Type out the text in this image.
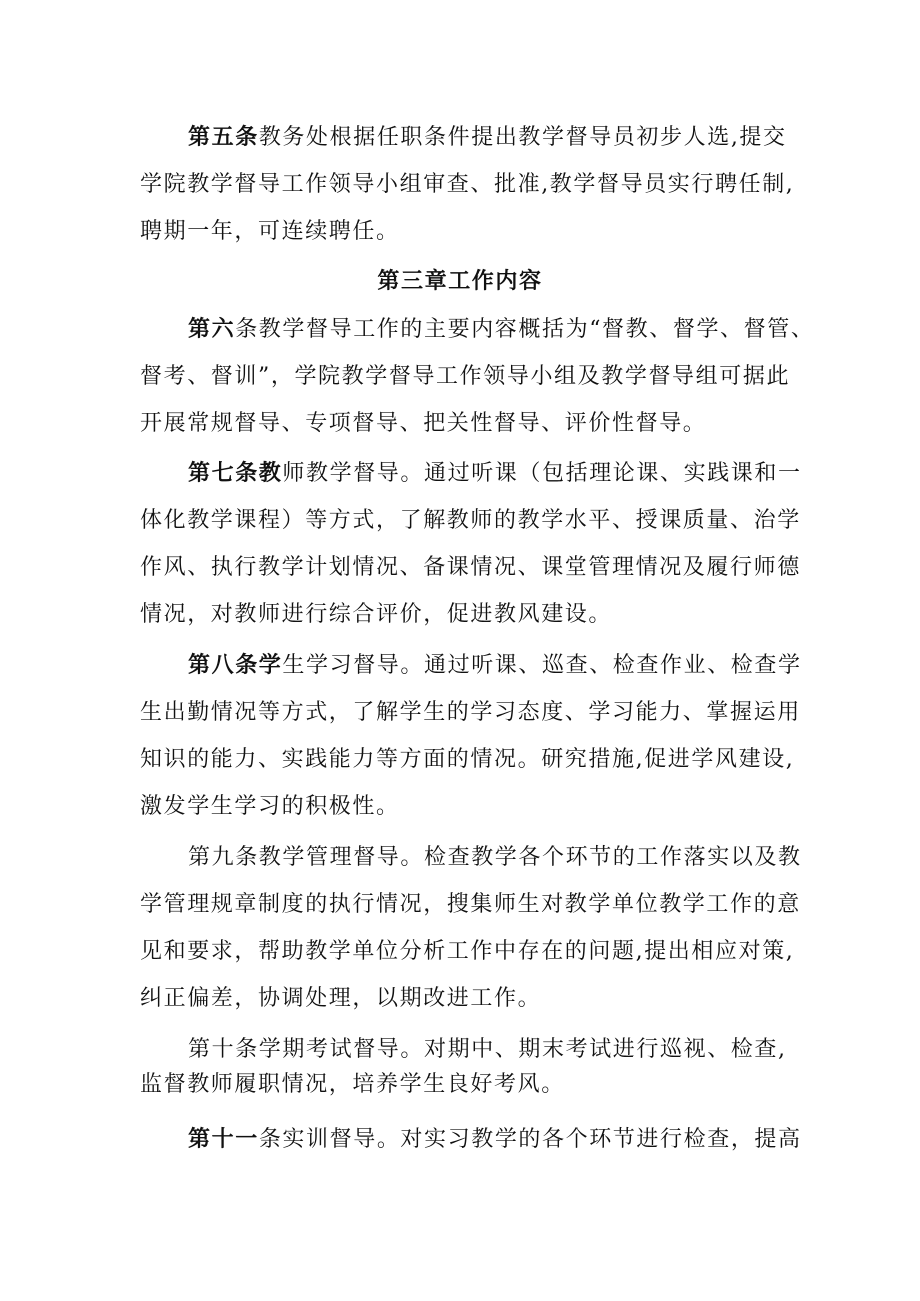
第五条教务处根据任职条件提出教学督导员初步人选,提交
学院教学督导工作领导小组审查、批准,教学督导员实行聘任制,
聘期一年，可连续聘任。
第三章工作内容
第六条教学督导工作的主要内容概括为“督教、督学、督管、
督考、督训”，学院教学督导工作领导小组及教学督导组可据此
开展常规督导、专项督导、把关性督导、评价性督导。
第七条教师教学督导。通过听课（包括理论课、实践课和一
体化教学课程）等方式，了解教师的教学水平、授课质量、治学
作风、执行教学计划情况、备课情况、课堂管理情况及履行师德
情况，对教师进行综合评价，促进教风建设。
第八条学生学习督导。通过听课、巡查、检查作业、检查学
生出勤情况等方式，了解学生的学习态度、学习能力、掌握运用
知识的能力、实践能力等方面的情况。研究措施,促进学风建设,
激发学生学习的积极性。
第九条教学管理督导。检查教学各个环节的工作落实以及教
学管理规章制度的执行情况，搜集师生对教学单位教学工作的意
见和要求，帮助教学单位分析工作中存在的问题,提出相应对策,
纠正偏差，协调处理，以期改进工作。
第十条学期考试督导。对期中、期末考试进行巡视、检查,
监督教师履职情况，培养学生良好考风。
第十一条实训督导。对实习教学的各个环节进行检查，提高
